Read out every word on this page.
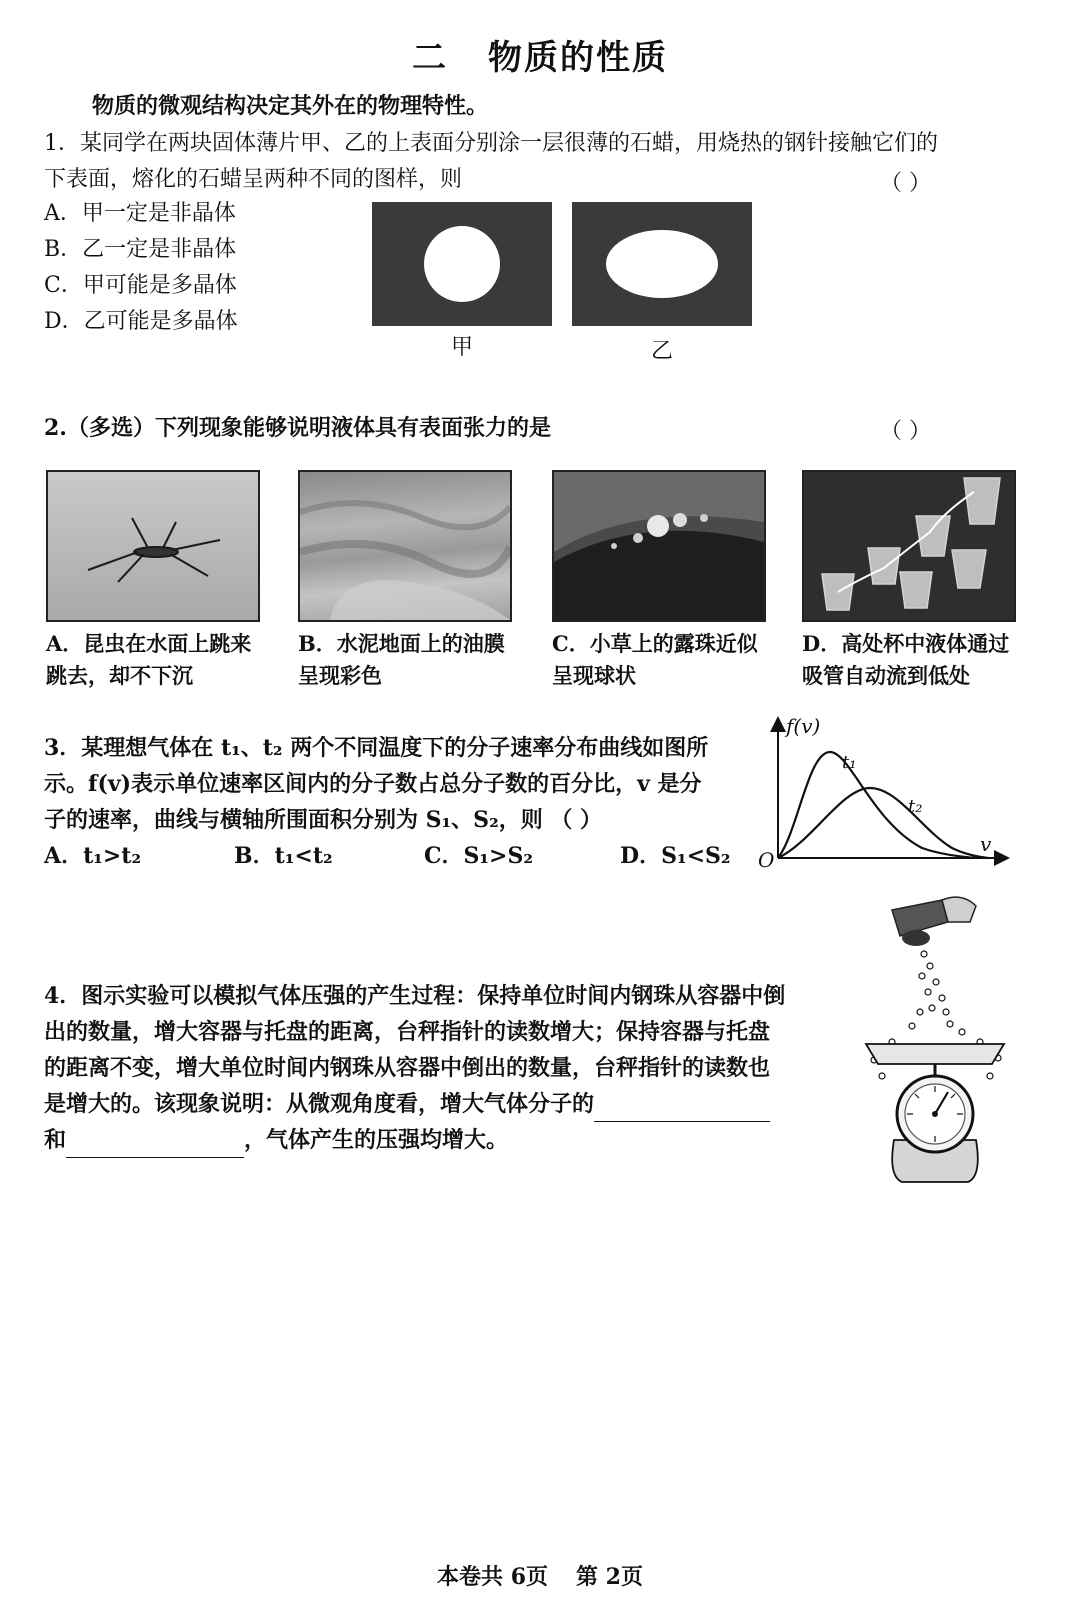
二 物质的性质
物质的微观结构决定其外在的物理特性。
1．某同学在两块固体薄片甲、乙的上表面分别涂一层很薄的石蜡，用烧热的钢针接触它们的
下表面，熔化的石蜡呈两种不同的图样，则	（ ）
A．甲一定是非晶体
B．乙一定是非晶体
C．甲可能是多晶体
D．乙可能是多晶体
甲	乙
2.（多选）下列现象能够说明液体具有表面张力的是	（ ）
A．昆虫在水面上跳来
跳去，却不下沉
B．水泥地面上的油膜
呈现彩色
C．小草上的露珠近似
呈现球状
D．高处杯中液体通过
吸管自动流到低处
3．某理想气体在 t₁、t₂ 两个不同温度下的分子速率分布曲线如图所
示。f(v)表示单位速率区间内的分子数占总分子数的百分比，v 是分
子的速率，曲线与横轴所围面积分别为 S₁、S₂，则 （ ）
A．t₁>t₂	B．t₁<t₂	C．S₁>S₂	D．S₁<S₂
f(v)
v
O
t₁
t₂
4．图示实验可以模拟气体压强的产生过程：保持单位时间内钢珠从容器中倒
出的数量，增大容器与托盘的距离，台秤指针的读数增大；保持容器与托盘
的距离不变，增大单位时间内钢珠从容器中倒出的数量，台秤指针的读数也
是增大的。该现象说明：从微观角度看，增大气体分子的
和	，气体产生的压强均增大。
本卷共 6页 第 2页
